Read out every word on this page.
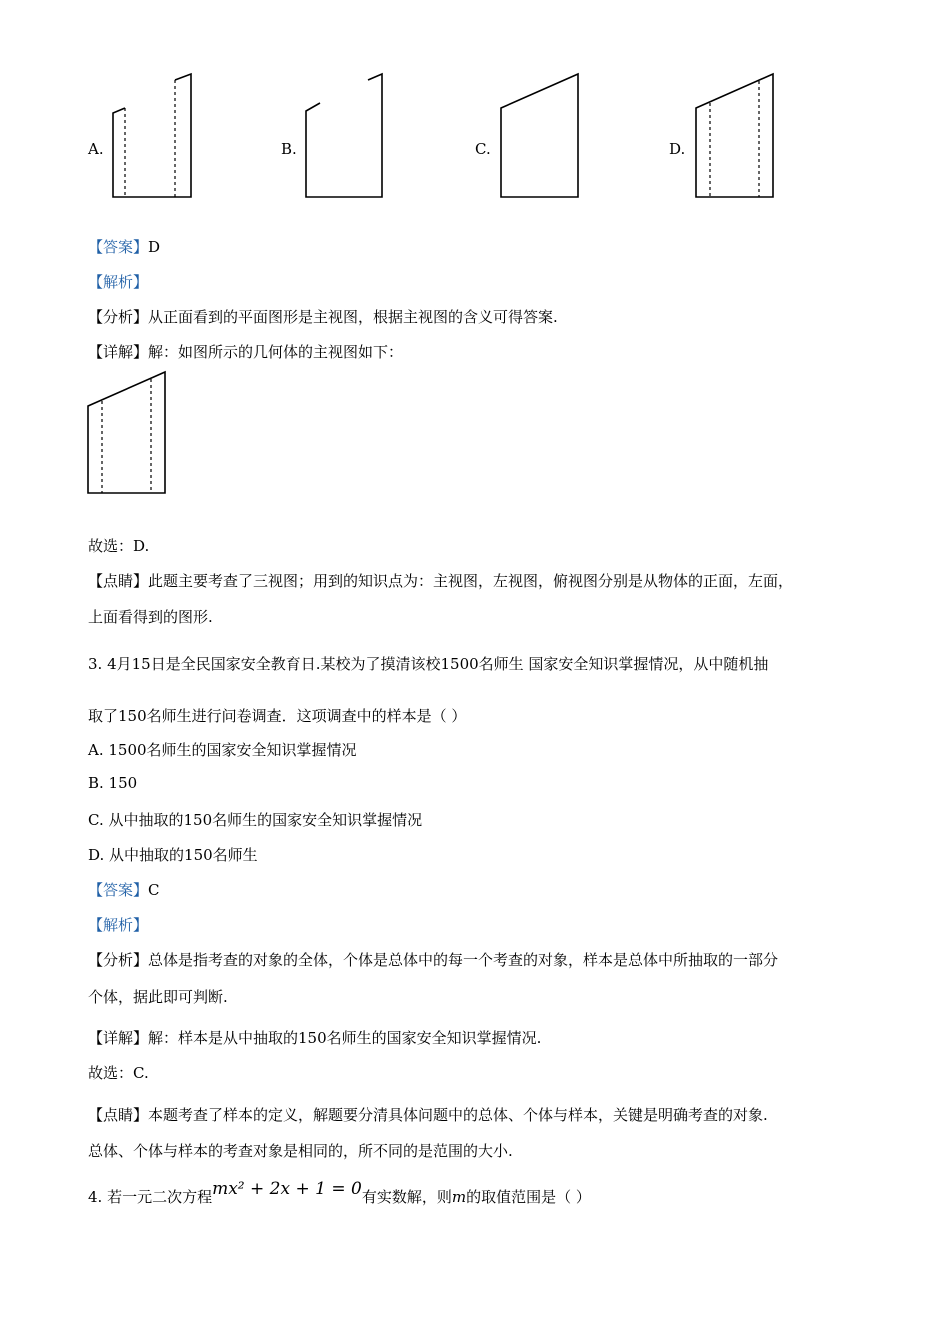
A.	B.	C.	D.
【答案】D
【解析】
【分析】从正面看到的平面图形是主视图，根据主视图的含义可得答案.
【详解】解：如图所示的几何体的主视图如下：
故选：D.
【点睛】此题主要考查了三视图；用到的知识点为：主视图，左视图，俯视图分别是从物体的正面，左面，
上面看得到的图形.
3. 4月15日是全民国家安全教育日.某校为了摸清该校1500名师生 国家安全知识掌握情况，从中随机抽
取了150名师生进行问卷调查．这项调查中的样本是（ ）
A. 1500名师生的国家安全知识掌握情况
B. 150
C. 从中抽取的150名师生的国家安全知识掌握情况
D. 从中抽取的150名师生
【答案】C
【解析】
【分析】总体是指考查的对象的全体，个体是总体中的每一个考查的对象，样本是总体中所抽取的一部分
个体，据此即可判断.
【详解】解：样本是从中抽取的150名师生的国家安全知识掌握情况.
故选：C.
【点睛】本题考查了样本的定义，解题要分清具体问题中的总体、个体与样本，关键是明确考查的对象.
总体、个体与样本的考查对象是相同的，所不同的是范围的大小.
4. 若一元二次方程mx² + 2x + 1 = 0有实数解，则m的取值范围是（ ）
